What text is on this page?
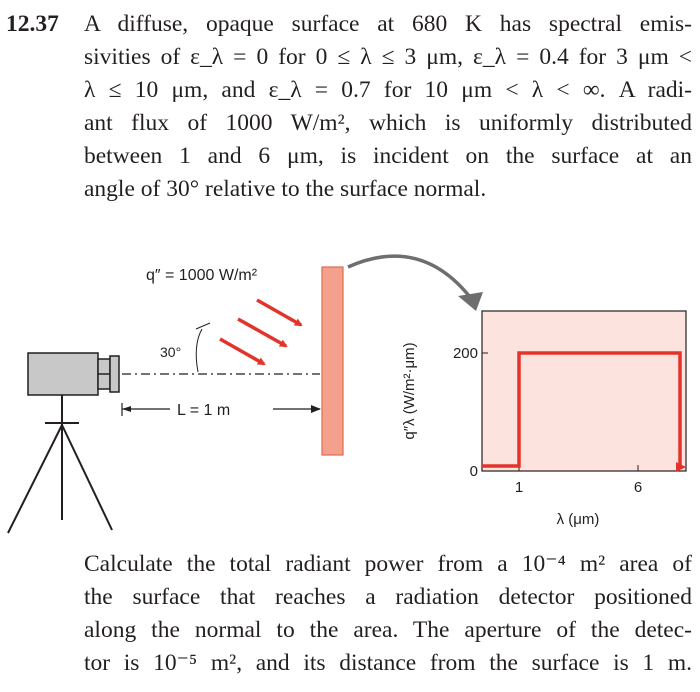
12.37 A diffuse, opaque surface at 680 K has spectral emis-
sivities of ε_λ = 0 for 0 ≤ λ ≤ 3 μm, ε_λ = 0.4 for 3 μm <
λ ≤ 10 μm, and ε_λ = 0.7 for 10 μm < λ < ∞. A radi-
ant flux of 1000 W/m², which is uniformly distributed
between 1 and 6 μm, is incident on the surface at an
angle of 30° relative to the surface normal.
30°
q″ = 1000 W/m²
L = 1 m
200
0
1	6
λ (μm)
q″λ (W/m²·μm)
Calculate the total radiant power from a 10⁻⁴ m² area of
the surface that reaches a radiation detector positioned
along the normal to the area. The aperture of the detec-
tor is 10⁻⁵ m², and its distance from the surface is 1 m.
